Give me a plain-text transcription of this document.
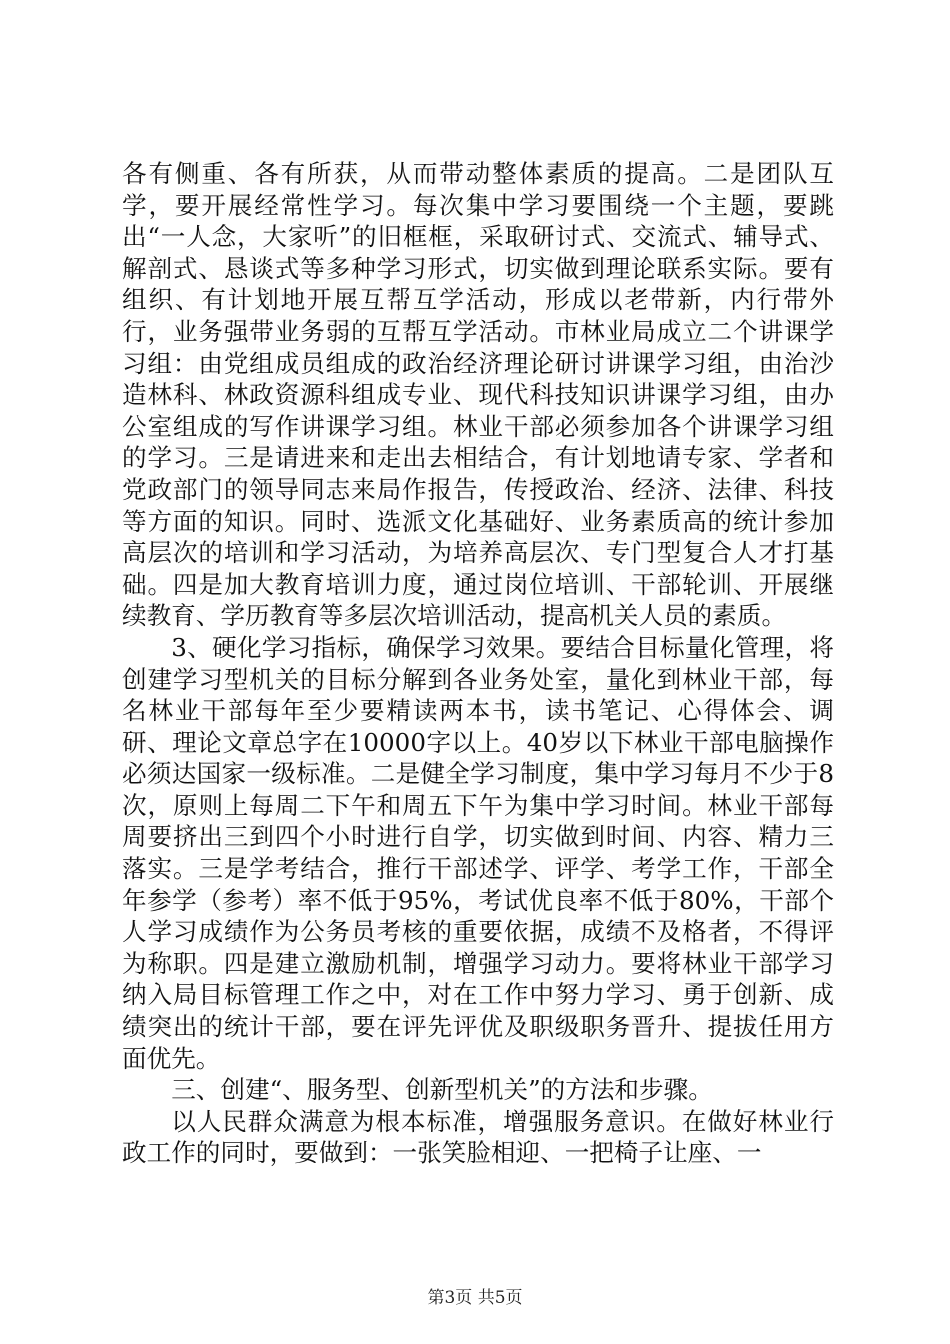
各有侧重、各有所获，从而带动整体素质的提高。二是团队互学，要开展经常性学习。每次集中学习要围绕一个主题，要跳出“一人念，大家听”的旧框框，采取研讨式、交流式、辅导式、解剖式、恳谈式等多种学习形式，切实做到理论联系实际。要有组织、有计划地开展互帮互学活动，形成以老带新，内行带外行，业务强带业务弱的互帮互学活动。市林业局成立二个讲课学习组：由党组成员组成的政治经济理论研讨讲课学习组，由治沙造林科、林政资源科组成专业、现代科技知识讲课学习组，由办公室组成的写作讲课学习组。林业干部必须参加各个讲课学习组的学习。三是请进来和走出去相结合，有计划地请专家、学者和党政部门的领导同志来局作报告，传授政治、经济、法律、科技等方面的知识。同时、选派文化基础好、业务素质高的统计参加高层次的培训和学习活动，为培养高层次、专门型复合人才打基础。四是加大教育培训力度，通过岗位培训、干部轮训、开展继续教育、学历教育等多层次培训活动，提高机关人员的素质。

3、硬化学习指标，确保学习效果。要结合目标量化管理，将创建学习型机关的目标分解到各业务处室，量化到林业干部，每名林业干部每年至少要精读两本书，读书笔记、心得体会、调研、理论文章总字在10000字以上。40岁以下林业干部电脑操作必须达国家一级标准。二是健全学习制度，集中学习每月不少于8次，原则上每周二下午和周五下午为集中学习时间。林业干部每周要挤出三到四个小时进行自学，切实做到时间、内容、精力三落实。三是学考结合，推行干部述学、评学、考学工作，干部全年参学（参考）率不低于95%，考试优良率不低于80%，干部个人学习成绩作为公务员考核的重要依据，成绩不及格者，不得评为称职。四是建立激励机制，增强学习动力。要将林业干部学习纳入局目标管理工作之中，对在工作中努力学习、勇于创新、成绩突出的统计干部，要在评先评优及职级职务晋升、提拔任用方面优先。

三、创建“、服务型、创新型机关”的方法和步骤。

以人民群众满意为根本标准，增强服务意识。在做好林业行政工作的同时，要做到：一张笑脸相迎、一把椅子让座、一

第3页 共5页
